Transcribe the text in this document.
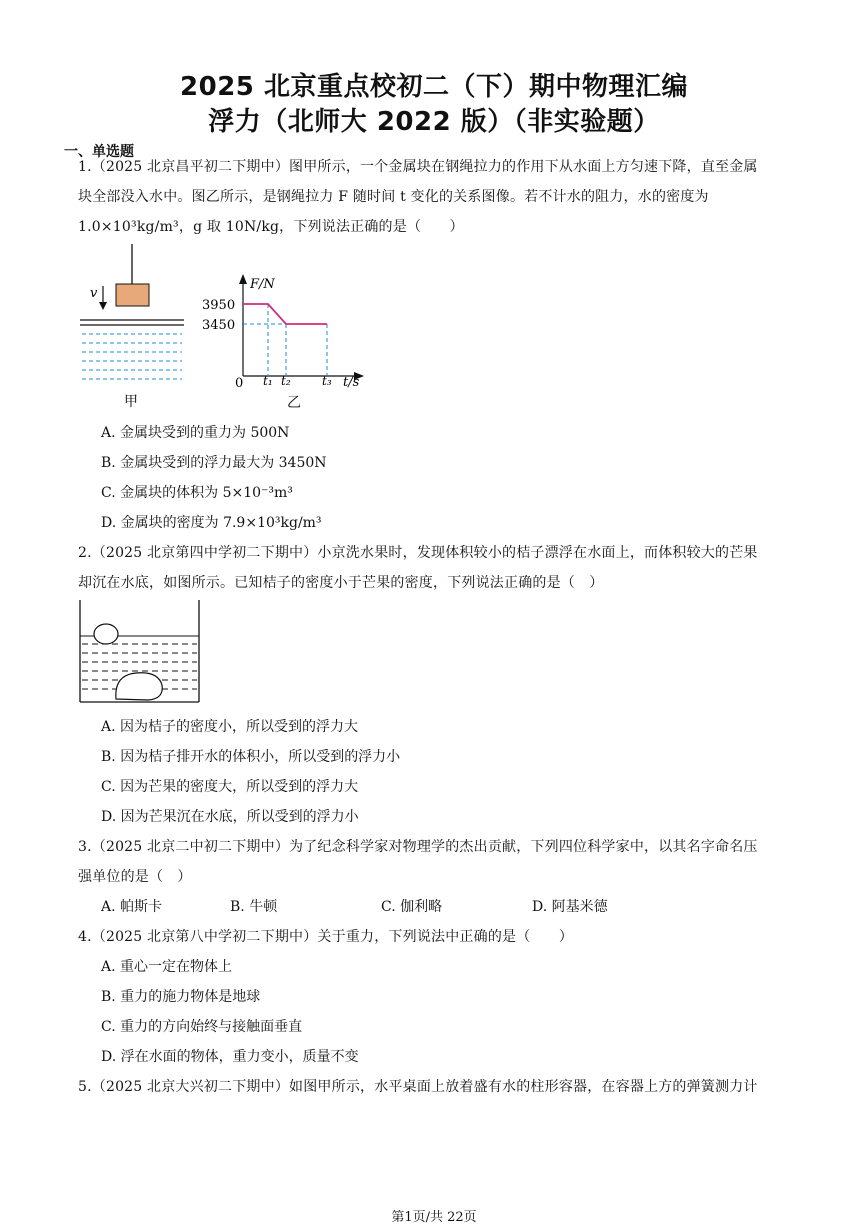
2025 北京重点校初二（下）期中物理汇编
浮力（北师大 2022 版）（非实验题）
一、单选题
1.（2025 北京昌平初二下期中）图甲所示，一个金属块在钢绳拉力的作用下从水面上方匀速下降，直至金属
块全部没入水中。图乙所示，是钢绳拉力 F 随时间 t 变化的关系图像。若不计水的阻力，水的密度为
1.0×10³kg/m³，g 取 10N/kg，下列说法正确的是（　　）
v
甲
F/N
t/s
0
3950
3450
t₁ t₂	t₃
乙
A. 金属块受到的重力为 500N
B. 金属块受到的浮力最大为 3450N
C. 金属块的体积为 5×10⁻³m³
D. 金属块的密度为 7.9×10³kg/m³
2.（2025 北京第四中学初二下期中）小京洗水果时，发现体积较小的桔子漂浮在水面上，而体积较大的芒果
却沉在水底，如图所示。已知桔子的密度小于芒果的密度，下列说法正确的是（　）
A. 因为桔子的密度小，所以受到的浮力大
B. 因为桔子排开水的体积小，所以受到的浮力小
C. 因为芒果的密度大，所以受到的浮力大
D. 因为芒果沉在水底，所以受到的浮力小
3.（2025 北京二中初二下期中）为了纪念科学家对物理学的杰出贡献，下列四位科学家中，以其名字命名压
强单位的是（　）
A. 帕斯卡	B. 牛顿	C. 伽利略	D. 阿基米德
4.（2025 北京第八中学初二下期中）关于重力，下列说法中正确的是（　　）
A. 重心一定在物体上
B. 重力的施力物体是地球
C. 重力的方向始终与接触面垂直
D. 浮在水面的物体，重力变小，质量不变
5.（2025 北京大兴初二下期中）如图甲所示，水平桌面上放着盛有水的柱形容器，在容器上方的弹簧测力计
第1页/共 22页
